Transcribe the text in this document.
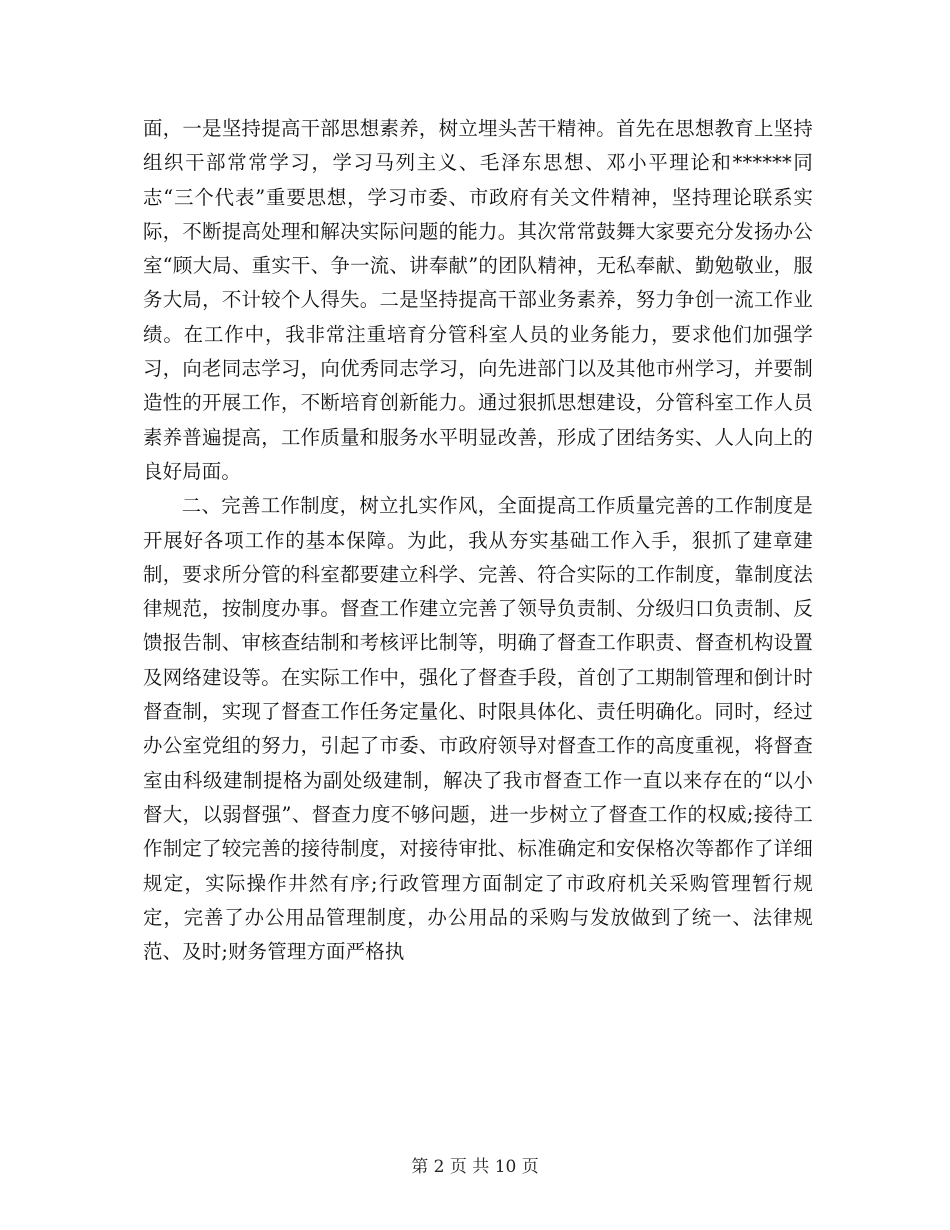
面，一是坚持提高干部思想素养，树立埋头苦干精神。首先在思想教育上坚持组织干部常常学习，学习马列主义、毛泽东思想、邓小平理论和******同志“三个代表”重要思想，学习市委、市政府有关文件精神，坚持理论联系实际，不断提高处理和解决实际问题的能力。其次常常鼓舞大家要充分发扬办公室“顾大局、重实干、争一流、讲奉献”的团队精神，无私奉献、勤勉敬业，服务大局，不计较个人得失。二是坚持提高干部业务素养，努力争创一流工作业绩。在工作中，我非常注重培育分管科室人员的业务能力，要求他们加强学习，向老同志学习，向优秀同志学习，向先进部门以及其他市州学习，并要制造性的开展工作，不断培育创新能力。通过狠抓思想建设，分管科室工作人员素养普遍提高，工作质量和服务水平明显改善，形成了团结务实、人人向上的良好局面。

二、完善工作制度，树立扎实作风，全面提高工作质量完善的工作制度是开展好各项工作的基本保障。为此，我从夯实基础工作入手，狠抓了建章建制，要求所分管的科室都要建立科学、完善、符合实际的工作制度，靠制度法律规范，按制度办事。督查工作建立完善了领导负责制、分级归口负责制、反馈报告制、审核查结制和考核评比制等，明确了督查工作职责、督查机构设置及网络建设等。在实际工作中，强化了督查手段，首创了工期制管理和倒计时督查制，实现了督查工作任务定量化、时限具体化、责任明确化。同时，经过办公室党组的努力，引起了市委、市政府领导对督查工作的高度重视，将督查室由科级建制提格为副处级建制，解决了我市督查工作一直以来存在的“以小督大，以弱督强”、督查力度不够问题，进一步树立了督查工作的权威;接待工作制定了较完善的接待制度，对接待审批、标准确定和安保格次等都作了详细规定，实际操作井然有序;行政管理方面制定了市政府机关采购管理暂行规定，完善了办公用品管理制度，办公用品的采购与发放做到了统一、法律规范、及时;财务管理方面严格执

第 2 页 共 10 页
